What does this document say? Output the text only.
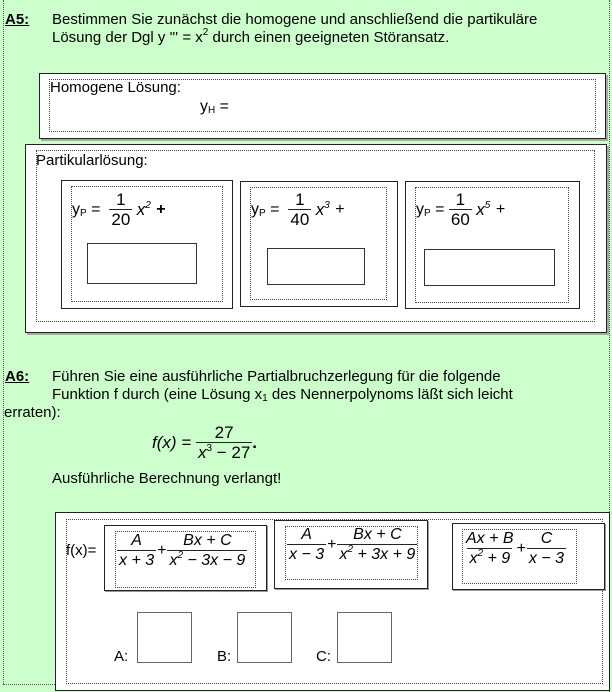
A5: Bestimmen Sie zunächst die homogene und anschließend die partikuläre
Lösung der Dgl y ''' = $x^2$ durch einen geeigneten Störansatz.
Homogene Lösung:
$y_H$ =
Partikularlösung:
$y_P = \frac{1}{20} x^2$ +	$y_P = \frac{1}{40} x^3$ +	$y_P = \frac{1}{60} x^5$ +
A6: Führen Sie eine ausführliche Partialbruchzerlegung für die folgende
Funktion f durch (eine Lösung $x_1$ des Nennerpolynoms läßt sich leicht
erraten):
$f(x) = \frac{27}{x^3 - 27}$ .
Ausführliche Berechnung verlangt!
$f(x)= \frac{A}{x + 3} + \frac{Bx + C}{x^2 - 3x - 9} \frac{A}{x - 3} + \frac{Bx + C}{x^2 + 3x + 9}$	$\frac{Ax + B}{x^2 + 9} + \frac{C}{x - 3}$
A:	B:	C:
